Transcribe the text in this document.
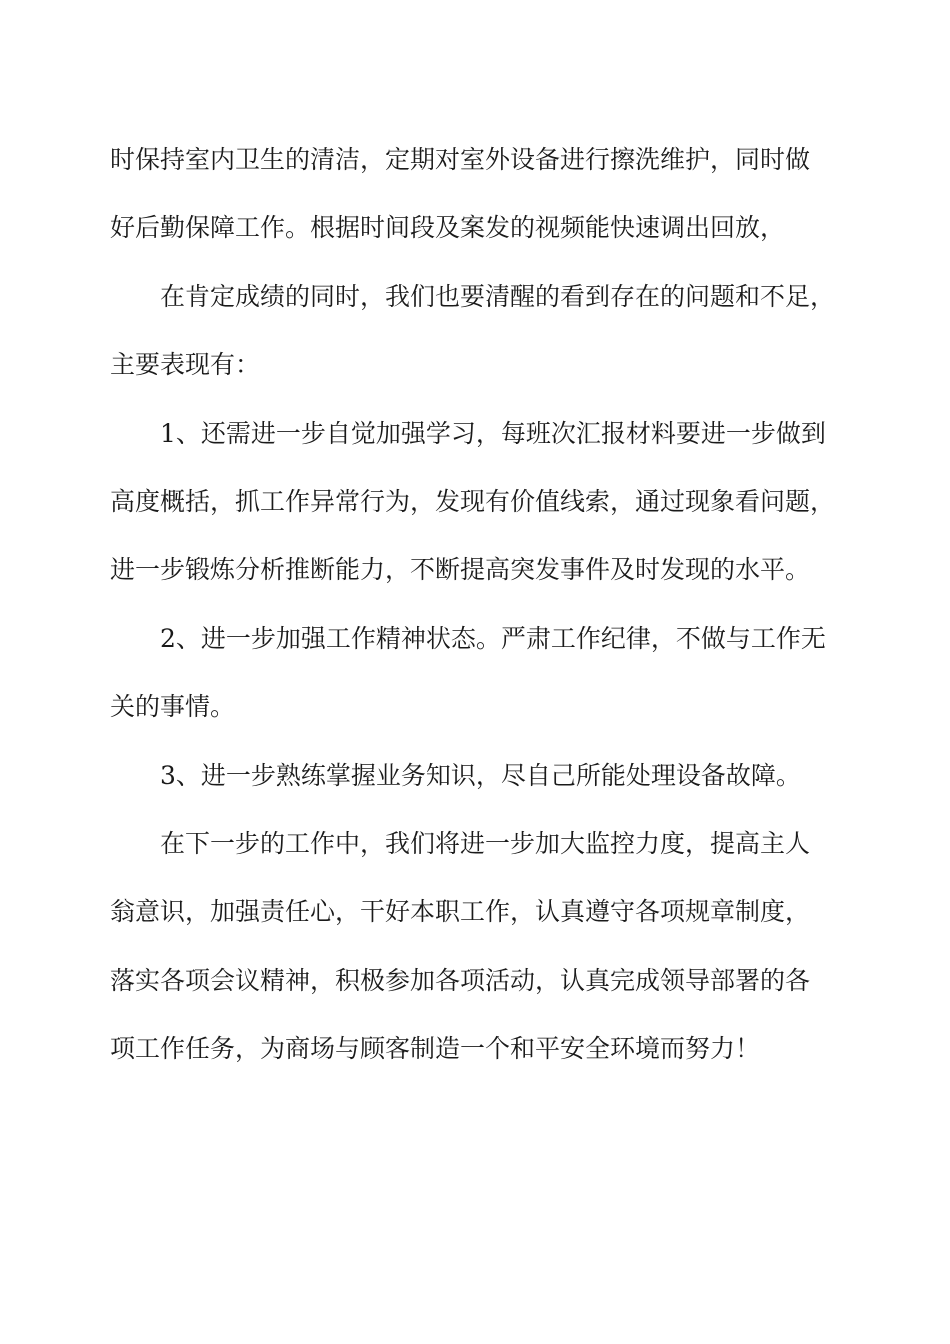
时保持室内卫生的清洁，定期对室外设备进行擦洗维护，同时做
好后勤保障工作。根据时间段及案发的视频能快速调出回放，
在肯定成绩的同时，我们也要清醒的看到存在的问题和不足，
主要表现有：
1、还需进一步自觉加强学习，每班次汇报材料要进一步做到
高度概括，抓工作异常行为，发现有价值线索，通过现象看问题，
进一步锻炼分析推断能力，不断提高突发事件及时发现的水平。
2、进一步加强工作精神状态。严肃工作纪律，不做与工作无
关的事情。
3、进一步熟练掌握业务知识，尽自己所能处理设备故障。
在下一步的工作中，我们将进一步加大监控力度，提高主人
翁意识，加强责任心，干好本职工作，认真遵守各项规章制度，
落实各项会议精神，积极参加各项活动，认真完成领导部署的各
项工作任务，为商场与顾客制造一个和平安全环境而努力！
